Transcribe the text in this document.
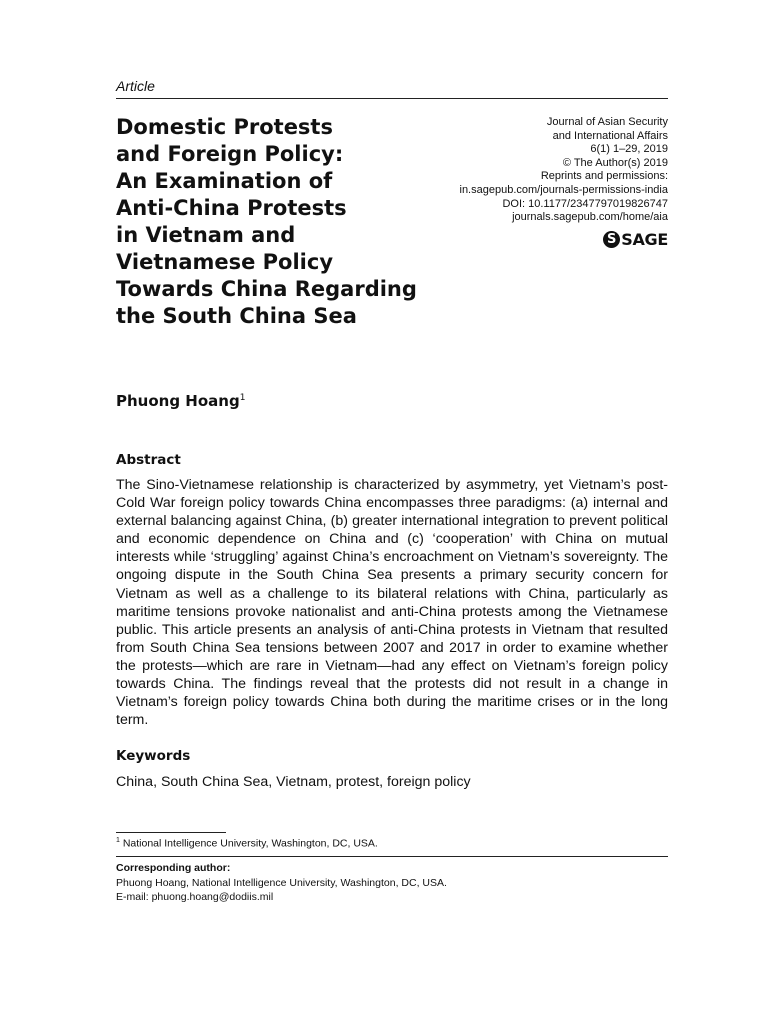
Article
Domestic Protests
and Foreign Policy:
An Examination of
Anti-China Protests
in Vietnam and
Vietnamese Policy
Towards China Regarding
the South China Sea
Journal of Asian Security
and International Affairs
6(1) 1–29, 2019
© The Author(s) 2019
Reprints and permissions:
in.sagepub.com/journals-permissions-india
DOI: 10.1177/2347797019826747
journals.sagepub.com/home/aia
S SAGE
Phuong Hoang$^1$
Abstract

The Sino-Vietnamese relationship is characterized by asymmetry, yet Vietnam’s post-Cold War foreign policy towards China encompasses three paradigms: (a) internal and external balancing against China, (b) greater international integration to prevent political and economic dependence on China and (c) ‘cooperation’ with China on mutual interests while ‘struggling’ against China’s encroachment on Vietnam’s sovereignty. The ongoing dispute in the South China Sea presents a primary security concern for Vietnam as well as a challenge to its bilateral relations with China, particularly as maritime tensions provoke nationalist and anti-China protests among the Vietnamese public. This article presents an analysis of anti-China protests in Vietnam that resulted from South China Sea tensions between 2007 and 2017 in order to examine whether the protests—which are rare in Vietnam—had any effect on Vietnam’s foreign policy towards China. The findings reveal that the protests did not result in a change in Vietnam’s foreign policy towards China both during the maritime crises or in the long term.

Keywords
China, South China Sea, Vietnam, protest, foreign policy
$^1$ National Intelligence University, Washington, DC, USA.
Corresponding author:
Phuong Hoang, National Intelligence University, Washington, DC, USA.
E-mail: phuong.hoang@dodiis.mil
